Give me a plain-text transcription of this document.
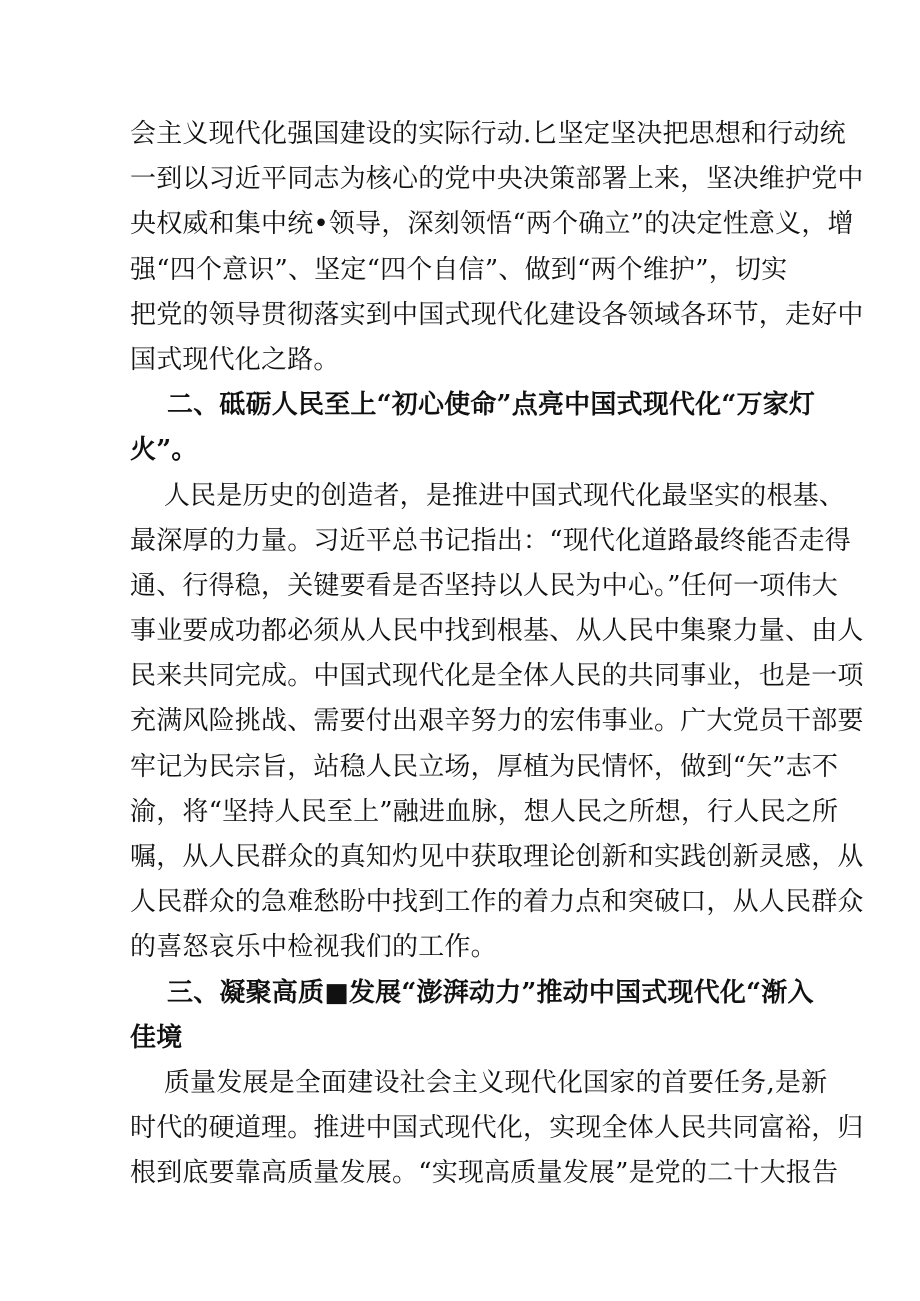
会主义现代化强国建设的实际行动.匕坚定坚决把思想和行动统
一到以习近平同志为核心的党中央决策部署上来，坚决维护党中
央权威和集中统•领导，深刻领悟“两个确立”的决定性意义，增
强“四个意识”、坚定“四个自信”、做到“两个维护”，切实
把党的领导贯彻落实到中国式现代化建设各领域各环节，走好中
国式现代化之路。
二、砥砺人民至上“初心使命”点亮中国式现代化“万家灯
火”。
人民是历史的创造者，是推进中国式现代化最坚实的根基、
最深厚的力量。习近平总书记指出：“现代化道路最终能否走得
通、行得稳，关键要看是否坚持以人民为中心。”任何一项伟大
事业要成功都必须从人民中找到根基、从人民中集聚力量、由人
民来共同完成。中国式现代化是全体人民的共同事业，也是一项
充满风险挑战、需要付出艰辛努力的宏伟事业。广大党员干部要
牢记为民宗旨，站稳人民立场，厚植为民情怀，做到“矢”志不
渝，将“坚持人民至上”融进血脉，想人民之所想，行人民之所
嘱，从人民群众的真知灼见中获取理论创新和实践创新灵感，从
人民群众的急难愁盼中找到工作的着力点和突破口，从人民群众
的喜怒哀乐中检视我们的工作。
三、凝聚高质■发展“澎湃动力”推动中国式现代化“渐入
佳境
质量发展是全面建设社会主义现代化国家的首要任务,是新
时代的硬道理。推进中国式现代化，实现全体人民共同富裕，归
根到底要靠高质量发展。“实现高质量发展”是党的二十大报告
